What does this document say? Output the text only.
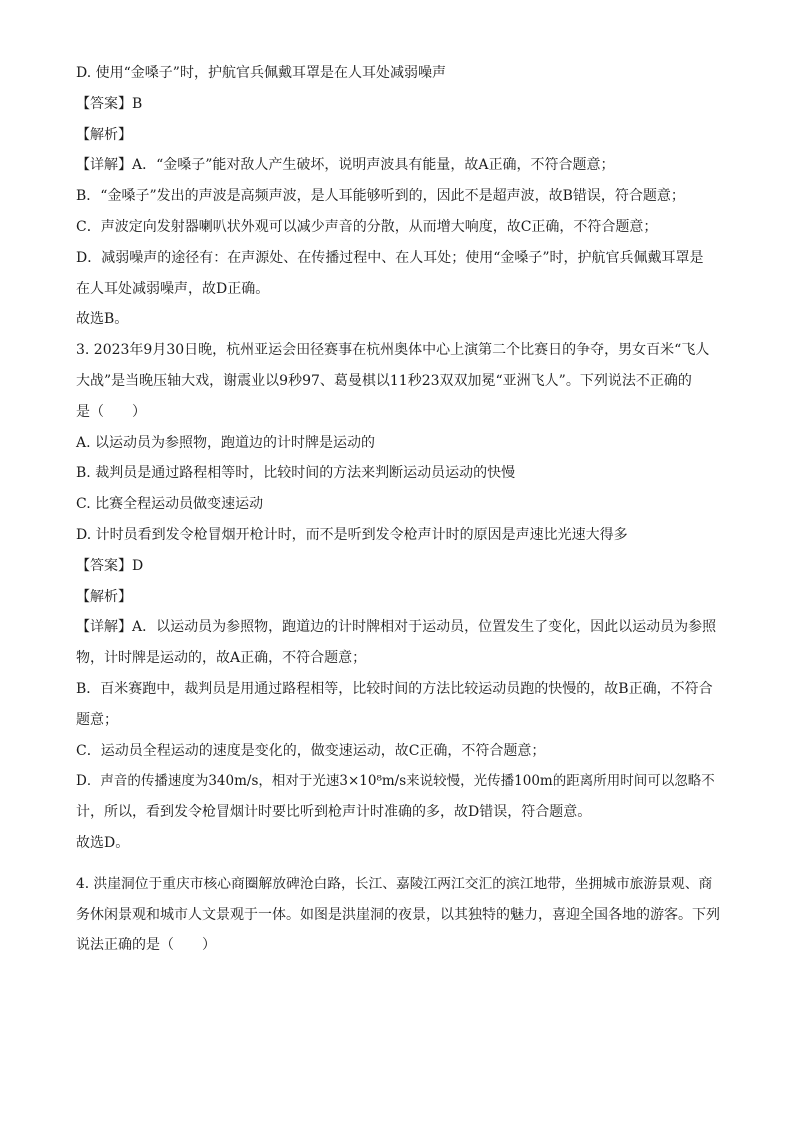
D. 使用“金嗓子”时，护航官兵佩戴耳罩是在人耳处减弱噪声

【答案】B

【解析】

【详解】A．“金嗓子”能对敌人产生破坏，说明声波具有能量，故A正确，不符合题意；

B．“金嗓子”发出的声波是高频声波，是人耳能够听到的，因此不是超声波，故B错误，符合题意；

C．声波定向发射器喇叭状外观可以减少声音的分散，从而增大响度，故C正确，不符合题意；

D．减弱噪声的途径有：在声源处、在传播过程中、在人耳处；使用“金嗓子”时，护航官兵佩戴耳罩是

在人耳处减弱噪声，故D正确。

故选B。

3. 2023年9月30日晚，杭州亚运会田径赛事在杭州奥体中心上演第二个比赛日的争夺，男女百米“飞人

大战”是当晚压轴大戏，谢震业以9秒97、葛曼棋以11秒23双双加冕“亚洲飞人”。下列说法不正确的

是（　　）

A. 以运动员为参照物，跑道边的计时牌是运动的

B. 裁判员是通过路程相等时，比较时间的方法来判断运动员运动的快慢

C. 比赛全程运动员做变速运动

D. 计时员看到发令枪冒烟开枪计时，而不是听到发令枪声计时的原因是声速比光速大得多

【答案】D

【解析】

【详解】A．以运动员为参照物，跑道边的计时牌相对于运动员，位置发生了变化，因此以运动员为参照

物，计时牌是运动的，故A正确，不符合题意；

B．百米赛跑中，裁判员是用通过路程相等，比较时间的方法比较运动员跑的快慢的，故B正确，不符合

题意；

C．运动员全程运动的速度是变化的，做变速运动，故C正确，不符合题意；

D．声音的传播速度为340m/s，相对于光速3×10⁸m/s来说较慢，光传播100m的距离所用时间可以忽略不

计，所以，看到发令枪冒烟计时要比听到枪声计时准确的多，故D错误，符合题意。

故选D。

4. 洪崖洞位于重庆市核心商圈解放碑沧白路，长江、嘉陵江两江交汇的滨江地带，坐拥城市旅游景观、商

务休闲景观和城市人文景观于一体。如图是洪崖洞的夜景，以其独特的魅力，喜迎全国各地的游客。下列

说法正确的是（　　）
